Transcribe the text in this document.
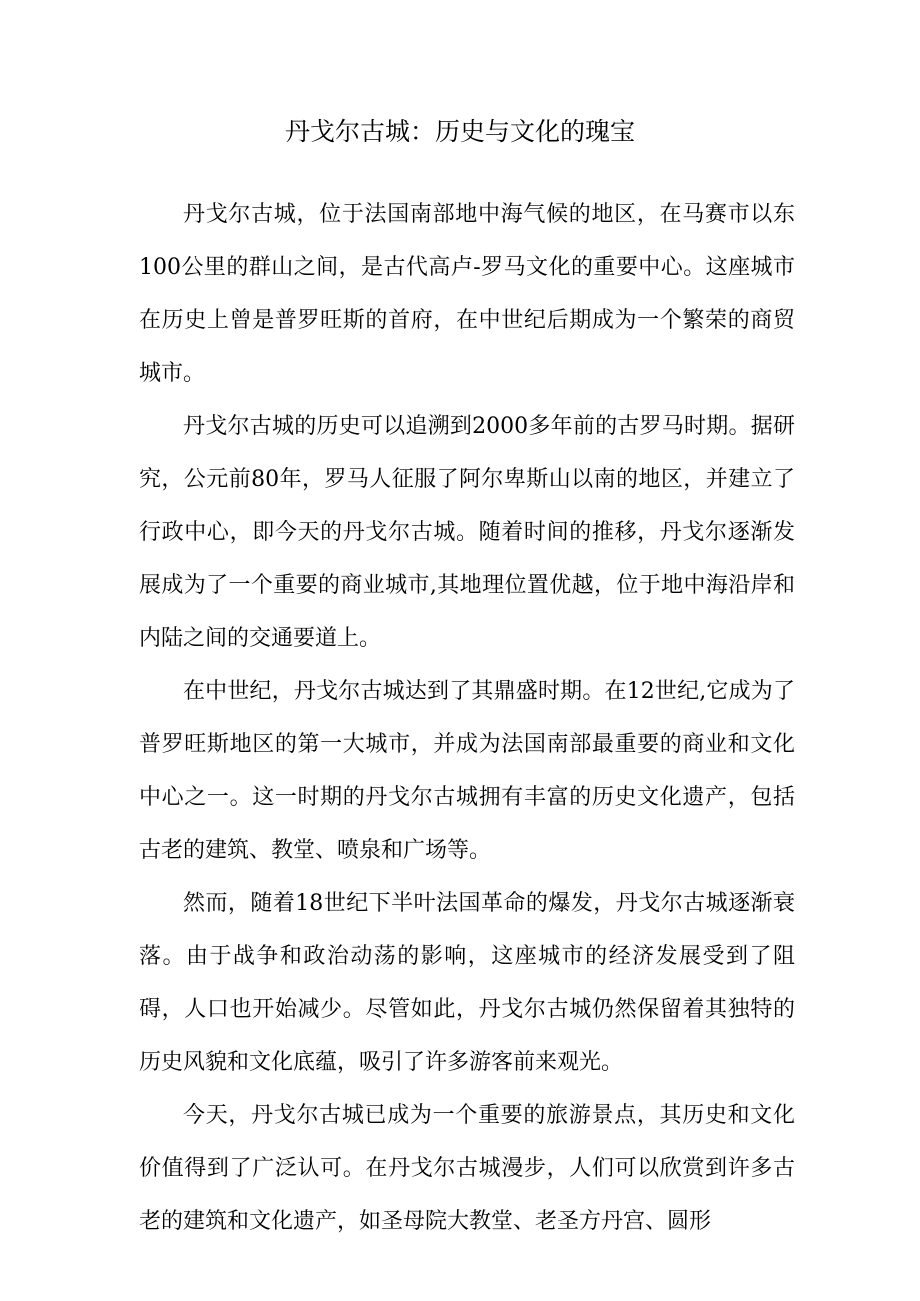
丹戈尔古城：历史与文化的瑰宝

丹戈尔古城，位于法国南部地中海气候的地区，在马赛市以东100公里的群山之间，是古代高卢-罗马文化的重要中心。这座城市在历史上曾是普罗旺斯的首府，在中世纪后期成为一个繁荣的商贸城市。

丹戈尔古城的历史可以追溯到2000多年前的古罗马时期。据研究，公元前80年，罗马人征服了阿尔卑斯山以南的地区，并建立了行政中心，即今天的丹戈尔古城。随着时间的推移，丹戈尔逐渐发展成为了一个重要的商业城市,其地理位置优越，位于地中海沿岸和内陆之间的交通要道上。

在中世纪，丹戈尔古城达到了其鼎盛时期。在12世纪,它成为了普罗旺斯地区的第一大城市，并成为法国南部最重要的商业和文化中心之一。这一时期的丹戈尔古城拥有丰富的历史文化遗产，包括古老的建筑、教堂、喷泉和广场等。

然而，随着18世纪下半叶法国革命的爆发，丹戈尔古城逐渐衰落。由于战争和政治动荡的影响，这座城市的经济发展受到了阻碍，人口也开始减少。尽管如此，丹戈尔古城仍然保留着其独特的历史风貌和文化底蕴，吸引了许多游客前来观光。

今天，丹戈尔古城已成为一个重要的旅游景点，其历史和文化价值得到了广泛认可。在丹戈尔古城漫步，人们可以欣赏到许多古老的建筑和文化遗产，如圣母院大教堂、老圣方丹宫、圆形
